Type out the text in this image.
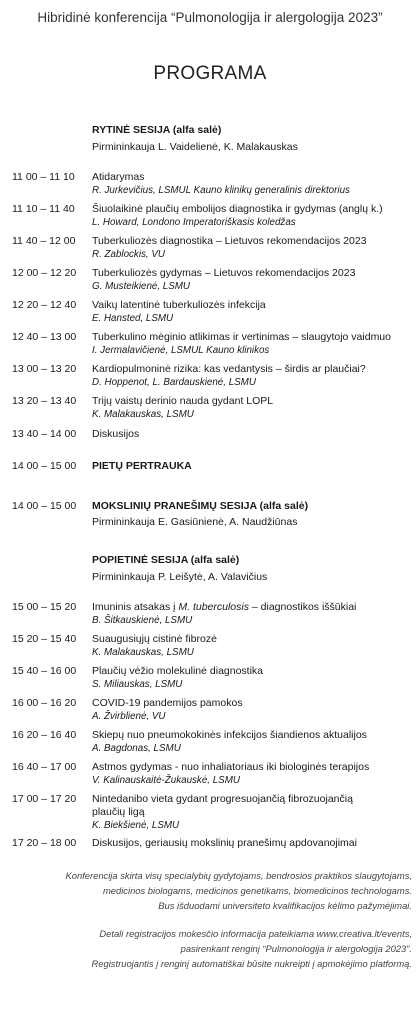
Hibridinė konferencija “Pulmonologija ir alergologija 2023”
PROGRAMA
RYTINĖ SESIJA (alfa salė)
Pirmininkauja L. Vaidelienė, K. Malakauskas
11 00 – 11 10	Atidarymas
R. Jurkevičius, LSMUL Kauno klinikų generalinis direktorius
11 10 – 11 40	Šiuolaikinė plaučių embolijos diagnostika ir gydymas (anglų k.)
L. Howard, Londono Imperatoriškasis koledžas
11 40 – 12 00	Tuberkuliozės diagnostika – Lietuvos rekomendacijos 2023
R. Zablockis, VU
12 00 – 12 20	Tuberkuliozės gydymas – Lietuvos rekomendacijos 2023
G. Musteikienė, LSMU
12 20 – 12 40	Vaikų latentinė tuberkuliozės infekcija
E. Hansted, LSMU
12 40 – 13 00	Tuberkulino mėginio atlikimas ir vertinimas – slaugytojo vaidmuo
I. Jermalavičienė, LSMUL Kauno klinikos
13 00 – 13 20	Kardiopulmoninė rizika: kas vedantysis – širdis ar plaučiai?
D. Hoppenot, L. Bardauskienė, LSMU
13 20 – 13 40	Trijų vaistų derinio nauda gydant LOPL
K. Malakauskas, LSMU
13 40 – 14 00	Diskusijos
14 00 – 15 00	PIETŲ PERTRAUKA
14 00 – 15 00	MOKSLINIŲ PRANEŠIMŲ SESIJA (alfa salė)
Pirmininkauja E. Gasiūnienė, A. Naudžiūnas
POPIETINĖ SESIJA (alfa salė)
Pirmininkauja P. Leišytė, A. Valavičius
15 00 – 15 20	Imuninis atsakas į M. tuberculosis – diagnostikos iššūkiai
B. Šitkauskienė, LSMU
15 20 – 15 40	Suaugusiųjų cistinė fibrozė
K. Malakauskas, LSMU
15 40 – 16 00	Plaučių vėžio molekulinė diagnostika
S. Miliauskas, LSMU
16 00 – 16 20	COVID-19 pandemijos pamokos
A. Žvirblienė, VU
16 20 – 16 40	Skiepų nuo pneumokokinės infekcijos šiandienos aktualijos
A. Bagdonas, LSMU
16 40 – 17 00	Astmos gydymas - nuo inhaliatoriaus iki biologinės terapijos
V. Kalinauskaitė-Žukauskė, LSMU
17 00 – 17 20	Nintedanibo vieta gydant progresuojančią fibrozuojančią plaučių ligą
K. Biekšienė, LSMU
17 20 – 18 00	Diskusijos, geriausių mokslinių pranešimų apdovanojimai

Konferencija skirta visų specialybių gydytojams, bendrosios praktikos slaugytojams,

medicinos biologams, medicinos genetikams, biomedicinos technologams.

Bus išduodami universiteto kvalifikacijos kėlimo pažymėjimai.

Detali registracijos mokesčio informacija pateikiama www.creativa.lt/events,

pasirenkant renginį “Pulmonologija ir alergologija 2023”.

Registruojantis į renginį automatiškai būsite nukreipti į apmokėjimo platformą.
